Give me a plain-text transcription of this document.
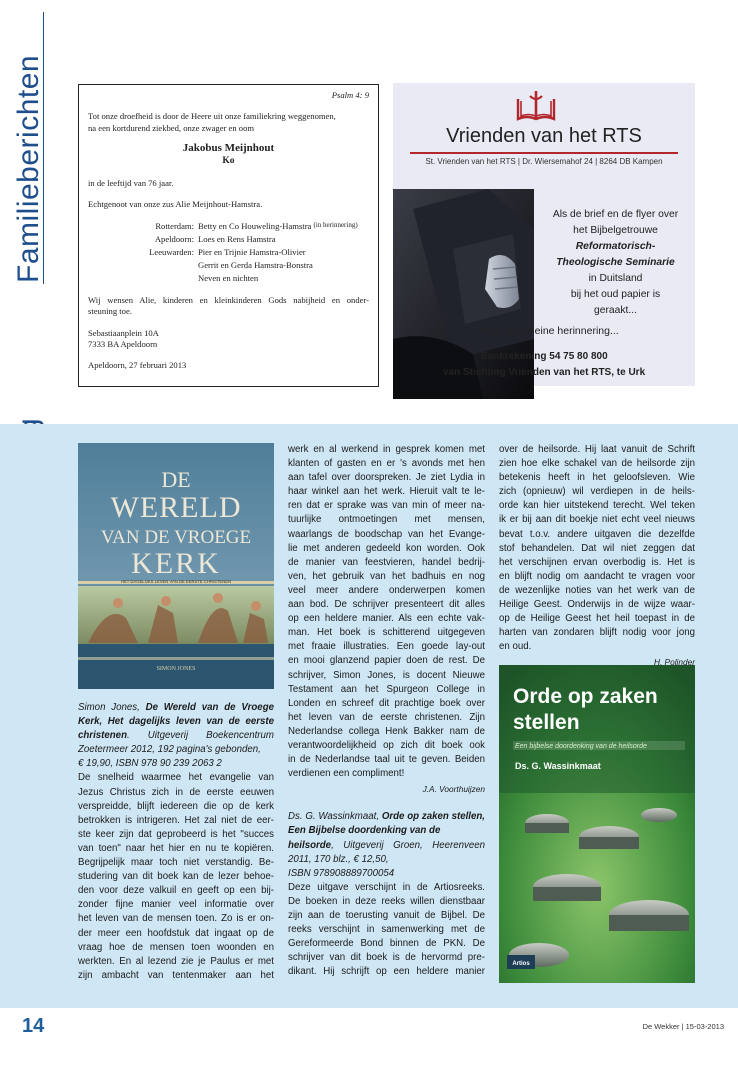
Familieberichten	Psalm 4: 9
Tot onze droefheid is door de Heere uit onze familiekring weggenomen,
na een kortdurend ziekbed, onze zwager en oom
Jakobus Meijnhout
Ko

in de leeftijd van 76 jaar.

Echtgenoot van onze zus Alie Meijnhout-Hamstra.

Rotterdam: Betty en Co Houweling-Hamstra
(in herinnering)
Apeldoorn: Loes en Rens Hamstra
Leeuwarden: Pier en Trijnie Hamstra-Olivier
Gerrit en Gerda Hamstra-Bonstra
Neven en nichten

Wij wensen Alie, kinderen en kleinkinderen Gods nabijheid en onder-
steuning toe.

Sebastiaanplein 10A
7333 BA Apeldoorn
Apeldoorn, 27 februari 2013
Vrienden van het RTS
St. Vrienden van het RTS | Dr. Wiersemahof 24 | 8264 DB Kampen
Als de brief en de flyer over
het Bijbelgetrouwe
Reformatorisch-
Theologische Seminarie
in Duitsland
bij het oud papier is
geraakt...
... even een kleine herinnering...
Bankrekening 54 75 80 800
van Stichting Vrienden van het RTS, te Urk
DE
WERELD
VAN DE VROEGE
KERK
HET DAGELIJKS LEVEN VAN DE EERSTE CHRISTENEN
SIMON JONES
Orde op zaken
stellen
Een bijbelse doordenking van de heilsorde
Ds. G. Wassinkmaat
Artios
Simon Jones, De Wereld van de Vroege
Kerk, Het dagelijks leven van de eerste
christenen. Uitgeverij Boekencentrum
Zoetermeer 2012, 192 pagina's gebonden,
€ 19,90, ISBN 978 90 239 2063 2
De snelheid waarmee het evangelie van
Jezus Christus zich in de eerste eeuwen
verspreidde, blijft iedereen die op de kerk
betrokken is intrigeren. Het zal niet de eer-
ste keer zijn dat geprobeerd is het "succes
van toen" naar het hier en nu te kopiëren.
Begrijpelijk maar toch niet verstandig. Be-
studering van dit boek kan de lezer behoe-
den voor deze valkuil en geeft op een bij-
zonder fijne manier veel informatie over
het leven van de mensen toen. Zo is er on-
der meer een hoofdstuk dat ingaat op de
vraag hoe de mensen toen woonden en
werkten. En al lezend zie je Paulus er met
zijn ambacht van tentenmaker aan het
werk en al werkend in gesprek komen met
klanten of gasten en er 's avonds met hen
aan tafel over doorspreken. Je ziet Lydia in
haar winkel aan het werk. Hieruit valt te le-
ren dat er sprake was van min of meer na-
tuurlijke ontmoetingen met mensen,
waarlangs de boodschap van het Evange-
lie met anderen gedeeld kon worden. Ook
de manier van feestvieren, handel bedrij-
ven, het gebruik van het badhuis en nog
veel meer andere onderwerpen komen
aan bod. De schrijver presenteert dit alles
op een heldere manier. Als een echte vak-
man. Het boek is schitterend uitgegeven
met fraaie illustraties. Een goede lay-out
en mooi glanzend papier doen de rest. De
schrijver, Simon Jones, is docent Nieuwe
Testament aan het Spurgeon College in
Londen en schreef dit prachtige boek over
het leven van de eerste christenen. Zijn
Nederlandse collega Henk Bakker nam de
verantwoordelijkheid op zich dit boek ook
in de Nederlandse taal uit te geven. Beiden
verdienen een compliment!
J.A. Voorthuijzen
Ds. G. Wassinkmaat, Orde op zaken stellen,
Een Bijbelse doordenking van de
heilsorde, Uitgeverij Groen, Heerenveen
2011, 170 blz., € 12,50,
ISBN 978908889700054
Deze uitgave verschijnt in de Artiosreeks.
De boeken in deze reeks willen dienstbaar
zijn aan de toerusting vanuit de Bijbel. De
reeks verschijnt in samenwerking met de
Gereformeerde Bond binnen de PKN. De
schrijver van dit boek is de hervormd pre-
dikant. Hij schrijft op een heldere manier
over de heilsorde. Hij laat vanuit de Schrift
zien hoe elke schakel van de heilsorde zijn
betekenis heeft in het geloofsleven. Wie
zich (opnieuw) wil verdiepen in de heils-
orde kan hier uitstekend terecht. Wel teken
ik er bij aan dit boekje niet echt veel nieuws
bevat t.o.v. andere uitgaven die dezelfde
stof behandelen. Dat wil niet zeggen dat
het verschijnen ervan overbodig is. Het is
en blijft nodig om aandacht te vragen voor
de wezenlijke noties van het werk van de
Heilige Geest. Onderwijs in de wijze waar-
op de Heilige Geest het heil toepast in de
harten van zondaren blijft nodig voor jong
en oud.
H. Polinder
14	De Wekker | 15-03-2013
